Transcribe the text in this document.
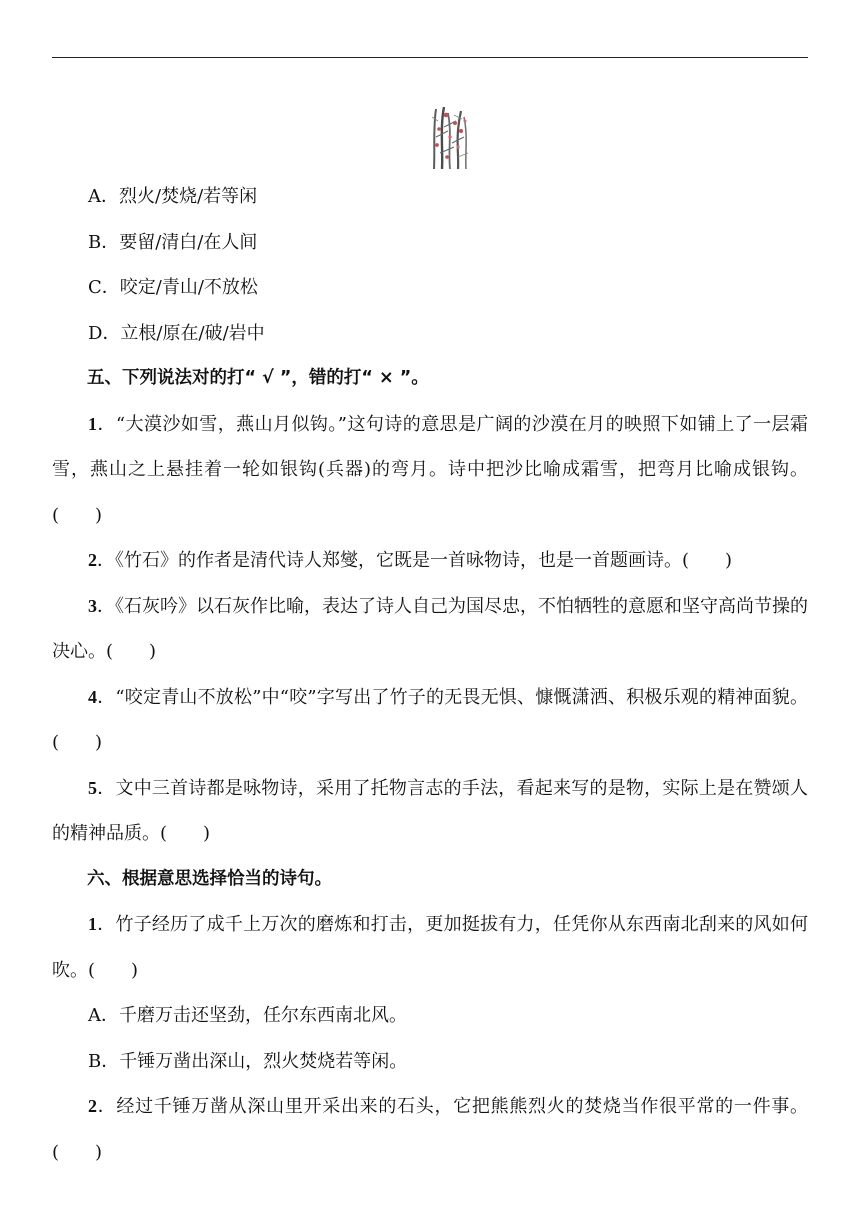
A．烈火/焚烧/若等闲

B．要留/清白/在人间

C．咬定/青山/不放松

D．立根/原在/破/岩中

五、下列说法对的打“ √ ”，错的打“ × ”。

1．“大漠沙如雪，燕山月似钩。”这句诗的意思是广阔的沙漠在月的映照下如铺上了一层霜雪，燕山之上悬挂着一轮如银钩(兵器)的弯月。诗中把沙比喻成霜雪，把弯月比喻成银钩。(　　)

2．《竹石》的作者是清代诗人郑燮，它既是一首咏物诗，也是一首题画诗。(　　)

3．《石灰吟》以石灰作比喻，表达了诗人自己为国尽忠，不怕牺牲的意愿和坚守高尚节操的决心。(　　)

4．“咬定青山不放松”中“咬”字写出了竹子的无畏无惧、慷慨潇洒、积极乐观的精神面貌。(　　)

5．文中三首诗都是咏物诗，采用了托物言志的手法，看起来写的是物，实际上是在赞颂人的精神品质。(　　)

六、根据意思选择恰当的诗句。

1．竹子经历了成千上万次的磨炼和打击，更加挺拔有力，任凭你从东西南北刮来的风如何吹。(　　)

A．千磨万击还坚劲，任尔东西南北风。

B．千锤万凿出深山，烈火焚烧若等闲。

2．经过千锤万凿从深山里开采出来的石头，它把熊熊烈火的焚烧当作很平常的一件事。(　　)
